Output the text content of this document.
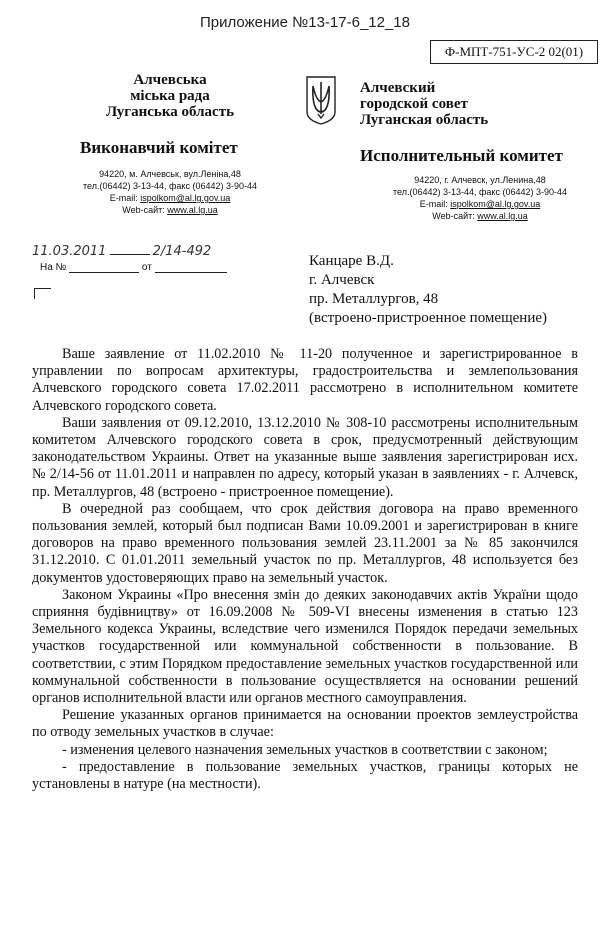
Приложение №13-17-6_12_18
Ф-МПТ-751-УС-2 02(01)
Алчевська
міська рада
Луганська область
Виконавчий комітет
94220, м. Алчевськ, вул.Леніна,48
тел.(06442) 3-13-44, факс (06442) 3-90-44
E-mail: ispolkom@al.lg.gov.ua
Web-сайт: www.al.lg.ua
Алчевский
городской совет
Луганская область
Исполнительный комитет
94220, г. Алчевск, ул.Ленина,48
тел.(06442) 3-13-44, факс (06442) 3-90-44
E-mail: ispolkom@al.lg.gov.ua
Web-сайт: www.al.lg.ua
11.03.2011	2/14-492
На №	от	Канцаре В.Д.
г. Алчевск
пр. Металлургов, 48
(встроено-пристроенное помещение)

Ваше заявление от 11.02.2010 № 11-20 полученное и зарегистрированное в управлении по вопросам архитектуры, градостроительства и землепользования Алчевского городского совета 17.02.2011 рассмотрено в исполнительном комитете Алчевского городского совета.

Ваши заявления от 09.12.2010, 13.12.2010 № 308-10 рассмотрены исполнительным комитетом Алчевского городского совета в срок, предусмотренный действующим законодательством Украины. Ответ на указанные выше заявления зарегистрирован исх. № 2/14-56 от 11.01.2011 и направлен по адресу, который указан в заявлениях - г. Алчевск, пр. Металлургов, 48 (встроено - пристроенное помещение).

В очередной раз сообщаем, что срок действия договора на право временного пользования землей, который был подписан Вами 10.09.2001 и зарегистрирован в книге договоров на право временного пользования землей 23.11.2001 за № 85 закончился 31.12.2010. С 01.01.2011 земельный участок по пр. Металлургов, 48 используется без документов удостоверяющих право на земельный участок.

Законом Украины «Про внесення змін до деяких законодавчих актів України щодо сприяння будівництву» от 16.09.2008 № 509-VI внесены изменения в статью 123 Земельного кодекса Украины, вследствие чего изменился Порядок передачи земельных участков государственной или коммунальной собственности в пользование. В соответствии, с этим Порядком предоставление земельных участков государственной или коммунальной собственности в пользование осуществляется на основании решений органов исполнительной власти или органов местного самоуправления.

Решение указанных органов принимается на основании проектов землеустройства по отводу земельных участков в случае:

- изменения целевого назначения земельных участков в соответствии с законом;

- предоставление в пользование земельных участков, границы которых не установлены в натуре (на местности).
